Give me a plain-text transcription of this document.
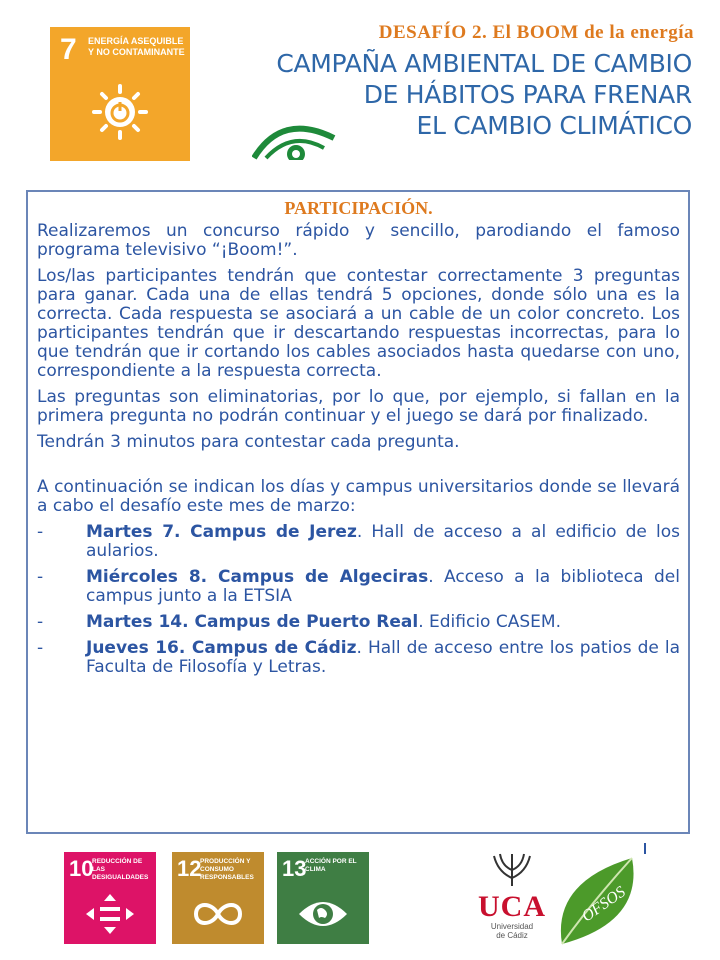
7 ENERGÍA ASEQUIBLE Y NO CONTAMINANTE
DESAFÍO 2. El BOOM de la energía
CAMPAÑA AMBIENTAL DE CAMBIO
DE HÁBITOS PARA FRENAR
EL CAMBIO CLIMÁTICO
PARTICIPACIÓN.

Realizaremos un concurso rápido y sencillo, parodiando el famoso programa televisivo “¡Boom!”.

Los/las participantes tendrán que contestar correctamente 3 preguntas para ganar. Cada una de ellas tendrá 5 opciones, donde sólo una es la correcta. Cada respuesta se asociará a un cable de un color concreto. Los participantes tendrán que ir descartando respuestas incorrectas, para lo que tendrán que ir cortando los cables asociados hasta quedarse con uno, correspondiente a la respuesta correcta.

Las preguntas son eliminatorias, por lo que, por ejemplo, si fallan en la primera pregunta no podrán continuar y el juego se dará por finalizado.

Tendrán 3 minutos para contestar cada pregunta.

A continuación se indican los días y campus universitarios donde se llevará a cabo el desafío este mes de marzo:

-	Martes 7. Campus de Jerez. Hall de acceso a al edificio de los aularios.
-	Miércoles 8. Campus de Algeciras. Acceso a la biblioteca del campus junto a la ETSIA
-	Martes 14. Campus de Puerto Real. Edificio CASEM.
-	Jueves 16. Campus de Cádiz. Hall de acceso entre los patios de la Faculta de Filosofía y Letras.
10
REDUCCIÓN DE LAS DESIGUALDADES 12
PRODUCCIÓN Y CONSUMO RESPONSABLES	13
ACCIÓN POR EL CLIMA
UCA
Universidad
de Cádiz
OFSOS
